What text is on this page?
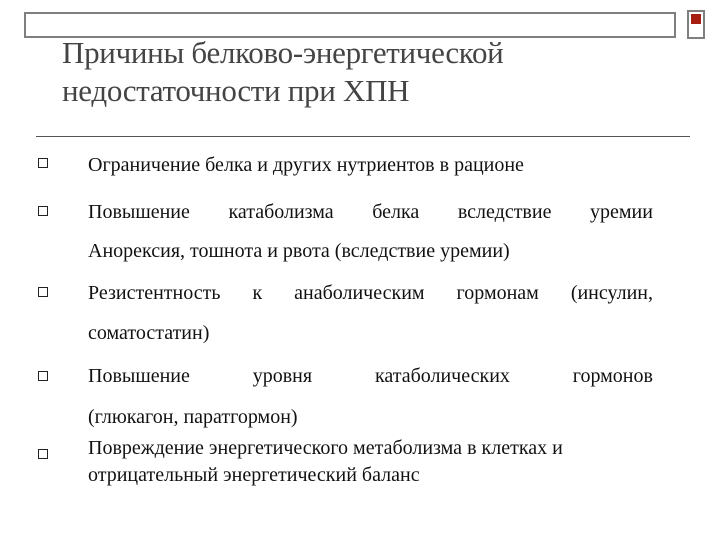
Причины белково-энергетической
недостаточности при ХПН
Ограничение белка и других нутриентов в рационе
Повышение катаболизма белка вследствие уремии
Анорексия, тошнота и рвота (вследствие уремии)
Резистентность к анаболическим гормонам (инсулин,
соматостатин)
Повышение	уровня	катаболических	гормонов
(глюкагон, паратгормон)
Повреждение энергетического метаболизма в клетках и
отрицательный энергетический баланс
